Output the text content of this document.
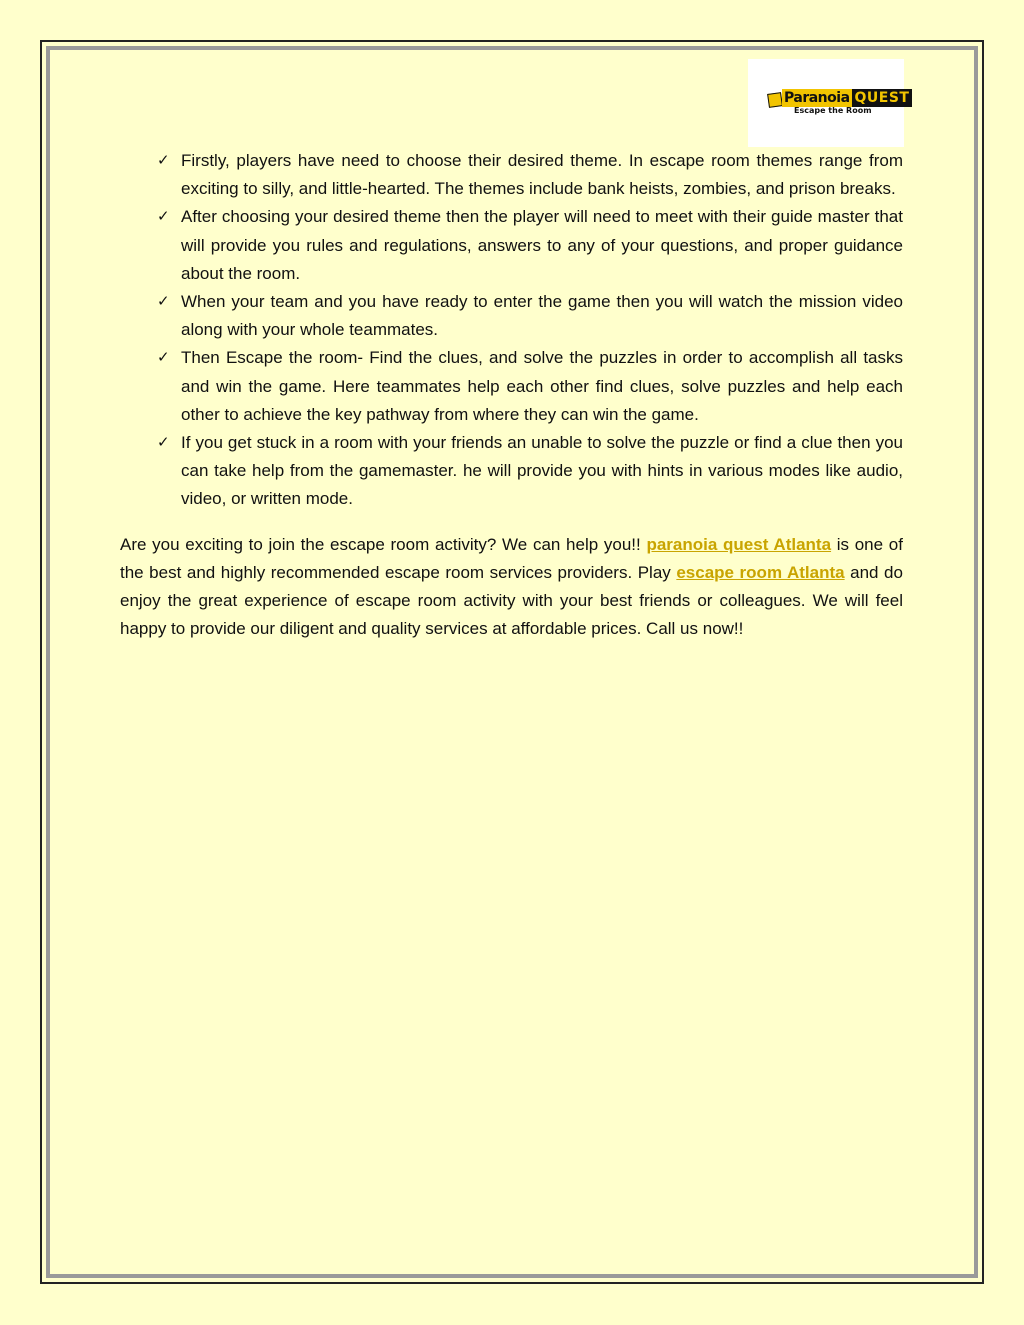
Paranoia QUEST
Escape the Room
✓ Firstly, players have need to choose their desired theme. In escape room themes range from exciting to silly, and little-hearted. The themes include bank heists, zombies, and prison breaks.
✓ After choosing your desired theme then the player will need to meet with their guide master that will provide you rules and regulations, answers to any of your questions, and proper guidance about the room.
✓ When your team and you have ready to enter the game then you will watch the mission video along with your whole teammates.
✓ Then Escape the room- Find the clues, and solve the puzzles in order to accomplish all tasks and win the game. Here teammates help each other find clues, solve puzzles and help each other to achieve the key pathway from where they can win the game.
✓ If you get stuck in a room with your friends an unable to solve the puzzle or find a clue then you can take help from the gamemaster. he will provide you with hints in various modes like audio, video, or written mode.

Are you exciting to join the escape room activity? We can help you!! paranoia quest Atlanta is one of the best and highly recommended escape room services providers. Play escape room Atlanta and do enjoy the great experience of escape room activity with your best friends or colleagues. We will feel happy to provide our diligent and quality services at affordable prices. Call us now!!
